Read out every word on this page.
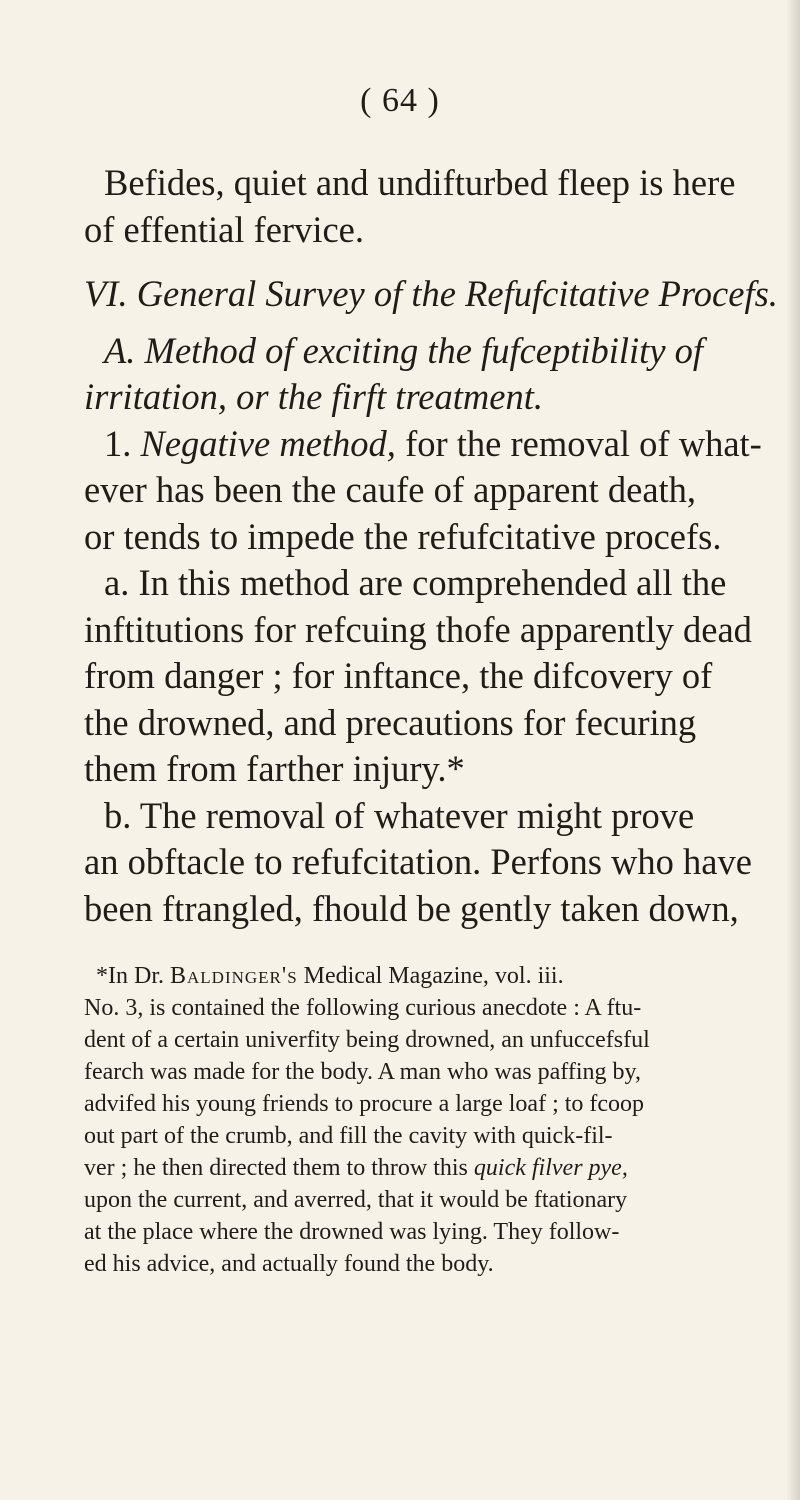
( 64 )
Befides, quiet and undifturbed fleep is here
of effential fervice.
VI. General Survey of the Refufcitative Procefs.
A. Method of exciting the fufceptibility of
irritation, or the firft treatment.
1. Negative method, for the removal of what-
ever has been the caufe of apparent death,
or tends to impede the refufcitative procefs.
a. In this method are comprehended all the
inftitutions for refcuing thofe apparently dead
from danger ; for inftance, the difcovery of
the drowned, and precautions for fecuring
them from farther injury.*
b. The removal of whatever might prove
an obftacle to refufcitation. Perfons who have
been ftrangled, fhould be gently taken down,
*In Dr. Baldinger's Medical Magazine, vol. iii.
No. 3, is contained the following curious anecdote : A ftu-
dent of a certain univerfity being drowned, an unfuccefsful
fearch was made for the body. A man who was paffing by,
advifed his young friends to procure a large loaf ; to fcoop
out part of the crumb, and fill the cavity with quick-fil-
ver ; he then directed them to throw this quick filver pye,
upon the current, and averred, that it would be ftationary
at the place where the drowned was lying. They follow-
ed his advice, and actually found the body.
